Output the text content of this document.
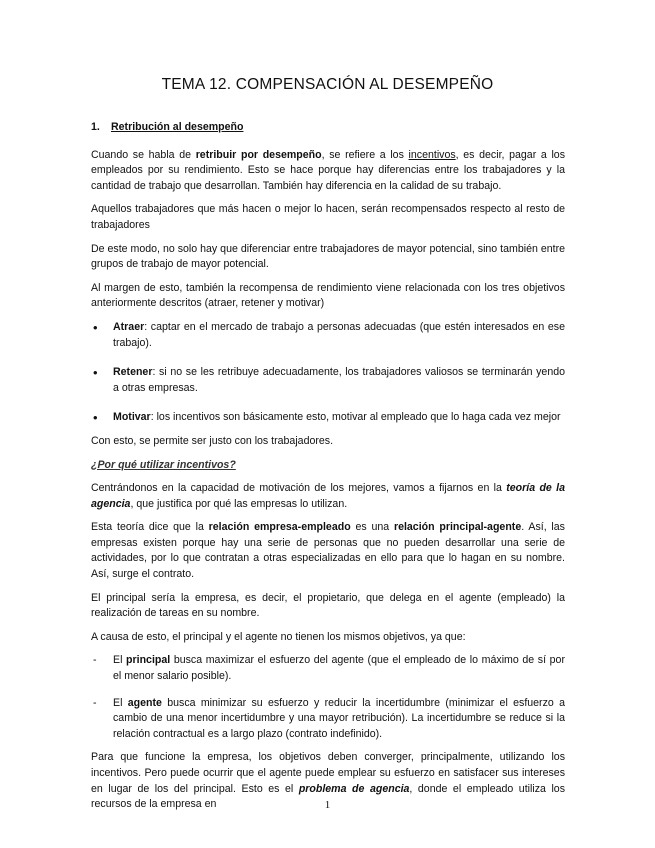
TEMA 12. COMPENSACIÓN AL DESEMPEÑO
1. Retribución al desempeño

Cuando se habla de retribuir por desempeño, se refiere a los incentivos, es decir, pagar a los empleados por su rendimiento. Esto se hace porque hay diferencias entre los trabajadores y la cantidad de trabajo que desarrollan. También hay diferencia en la calidad de su trabajo.

Aquellos trabajadores que más hacen o mejor lo hacen, serán recompensados respecto al resto de trabajadores

De este modo, no solo hay que diferenciar entre trabajadores de mayor potencial, sino también entre grupos de trabajo de mayor potencial.

Al margen de esto, también la recompensa de rendimiento viene relacionada con los tres objetivos anteriormente descritos (atraer, retener y motivar)

• Atraer: captar en el mercado de trabajo a personas adecuadas (que estén interesados en ese trabajo).
• Retener: si no se les retribuye adecuadamente, los trabajadores valiosos se terminarán yendo a otras empresas.
• Motivar: los incentivos son básicamente esto, motivar al empleado que lo haga cada vez mejor

Con esto, se permite ser justo con los trabajadores.

¿Por qué utilizar incentivos?

Centrándonos en la capacidad de motivación de los mejores, vamos a fijarnos en la teoría de la agencia, que justifica por qué las empresas lo utilizan.

Esta teoría dice que la relación empresa-empleado es una relación principal-agente. Así, las empresas existen porque hay una serie de personas que no pueden desarrollar una serie de actividades, por lo que contratan a otras especializadas en ello para que lo hagan en su nombre. Así, surge el contrato.

El principal sería la empresa, es decir, el propietario, que delega en el agente (empleado) la realización de tareas en su nombre.

A causa de esto, el principal y el agente no tienen los mismos objetivos, ya que:

- El principal busca maximizar el esfuerzo del agente (que el empleado de lo máximo de sí por el menor salario posible).
- El agente busca minimizar su esfuerzo y reducir la incertidumbre (minimizar el esfuerzo a cambio de una menor incertidumbre y una mayor retribución). La incertidumbre se reduce si la relación contractual es a largo plazo (contrato indefinido).

Para que funcione la empresa, los objetivos deben converger, principalmente, utilizando los incentivos. Pero puede ocurrir que el agente puede emplear su esfuerzo en satisfacer sus intereses en lugar de los del principal. Esto es el problema de agencia, donde el empleado utiliza los recursos de la empresa en	1
